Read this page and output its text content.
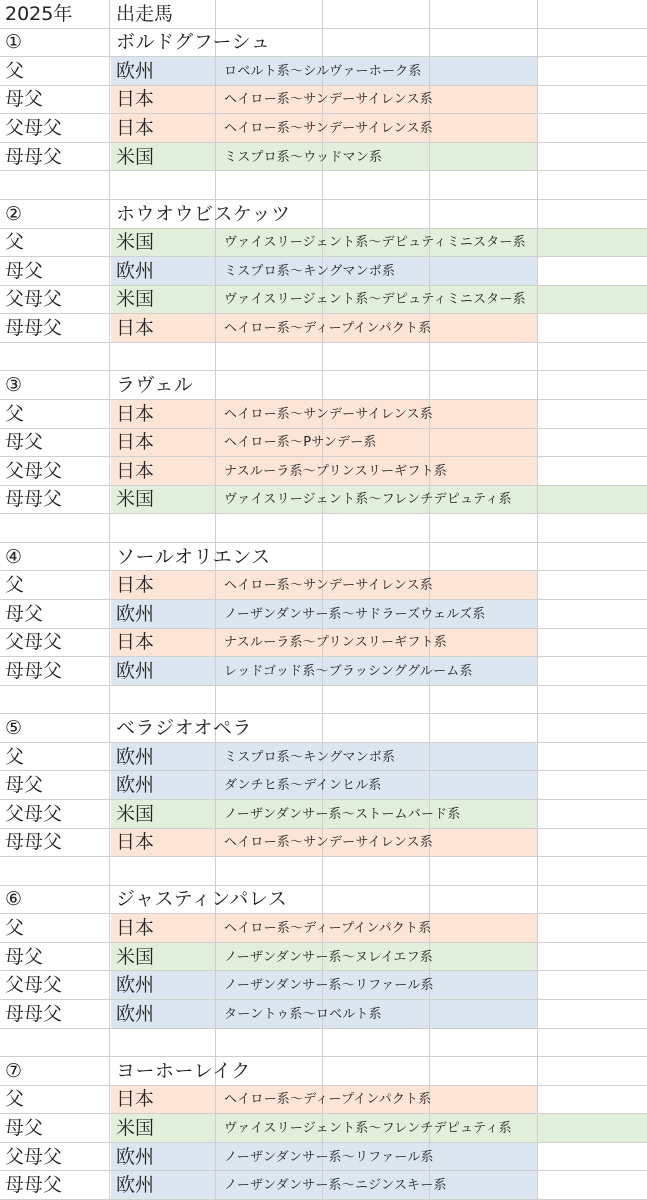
2025年 出走馬
①	ボルドグフーシュ
父	欧州	ロベルト系～シルヴァーホーク系
母父	日本	ヘイロー系～サンデーサイレンス系
父母父	日本	ヘイロー系～サンデーサイレンス系
母母父	米国	ミスプロ系～ウッドマン系
②	ホウオウビスケッツ
父	米国	ヴァイスリージェント系～デピュティミニスター系
母父	欧州	ミスプロ系～キングマンボ系
父母父	米国	ヴァイスリージェント系～デピュティミニスター系
母母父	日本	ヘイロー系～ディープインパクト系
③	ラヴェル
父	日本	ヘイロー系～サンデーサイレンス系
母父	日本	ヘイロー系～Pサンデー系
父母父	日本	ナスルーラ系～プリンスリーギフト系
母母父	米国	ヴァイスリージェント系～フレンチデピュティ系
④	ソールオリエンス
父	日本	ヘイロー系～サンデーサイレンス系
母父	欧州	ノーザンダンサー系～サドラーズウェルズ系
父母父	日本	ナスルーラ系～プリンスリーギフト系
母母父	欧州	レッドゴッド系～ブラッシンググルーム系
⑤	ベラジオオペラ
父	欧州	ミスプロ系～キングマンボ系
母父	欧州	ダンチヒ系～デインヒル系
父母父	米国	ノーザンダンサー系～ストームバード系
母母父	日本	ヘイロー系～サンデーサイレンス系
⑥	ジャスティンパレス
父	日本	ヘイロー系～ディープインパクト系
母父	米国	ノーザンダンサー系～ヌレイエフ系
父母父	欧州	ノーザンダンサー系～リファール系
母母父	欧州	ターントゥ系～ロベルト系
⑦	ヨーホーレイク
父	日本	ヘイロー系～ディープインパクト系
母父	米国	ヴァイスリージェント系～フレンチデピュティ系
父母父	欧州	ノーザンダンサー系～リファール系
母母父	欧州	ノーザンダンサー系～ニジンスキー系
